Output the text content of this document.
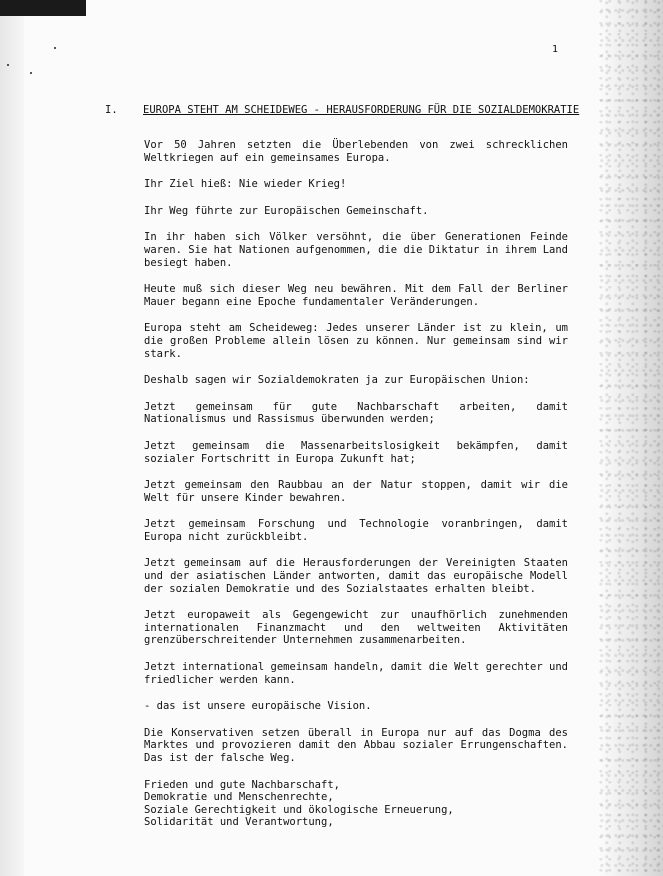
1
I. EUROPA STEHT AM SCHEIDEWEG - HERAUSFORDERUNG FÜR DIE SOZIALDEMOKRATIE

Vor 50 Jahren setzten die Überlebenden von zwei schrecklichen Weltkriegen auf ein gemeinsames Europa.

Ihr Ziel hieß: Nie wieder Krieg!

Ihr Weg führte zur Europäischen Gemeinschaft.

In ihr haben sich Völker versöhnt, die über Generationen Feinde waren. Sie hat Nationen aufgenommen, die die Diktatur in ihrem Land besiegt haben.

Heute muß sich dieser Weg neu bewähren. Mit dem Fall der Berliner Mauer begann eine Epoche fundamentaler Veränderungen.

Europa steht am Scheideweg: Jedes unserer Länder ist zu klein, um die großen Probleme allein lösen zu können. Nur gemeinsam sind wir stark.

Deshalb sagen wir Sozialdemokraten ja zur Europäischen Union:

Jetzt gemeinsam für gute Nachbarschaft arbeiten, damit Nationalismus und Rassismus überwunden werden;

Jetzt gemeinsam die Massenarbeitslosigkeit bekämpfen, damit sozialer Fortschritt in Europa Zukunft hat;

Jetzt gemeinsam den Raubbau an der Natur stoppen, damit wir die Welt für unsere Kinder bewahren.

Jetzt gemeinsam Forschung und Technologie voranbringen, damit Europa nicht zurückbleibt.

Jetzt gemeinsam auf die Herausforderungen der Vereinigten Staaten und der asiatischen Länder antworten, damit das europäische Modell der sozialen Demokratie und des Sozialstaates erhalten bleibt.

Jetzt europaweit als Gegengewicht zur unaufhörlich zunehmenden internationalen Finanzmacht und den weltweiten Aktivitäten grenzüberschreitender Unternehmen zusammenarbeiten.

Jetzt international gemeinsam handeln, damit die Welt gerechter und friedlicher werden kann.

- das ist unsere europäische Vision.

Die Konservativen setzen überall in Europa nur auf das Dogma des Marktes und provozieren damit den Abbau sozialer Errungenschaften. Das ist der falsche Weg.

Frieden und gute Nachbarschaft,
Demokratie und Menschenrechte,
Soziale Gerechtigkeit und ökologische Erneuerung,
Solidarität und Verantwortung,
